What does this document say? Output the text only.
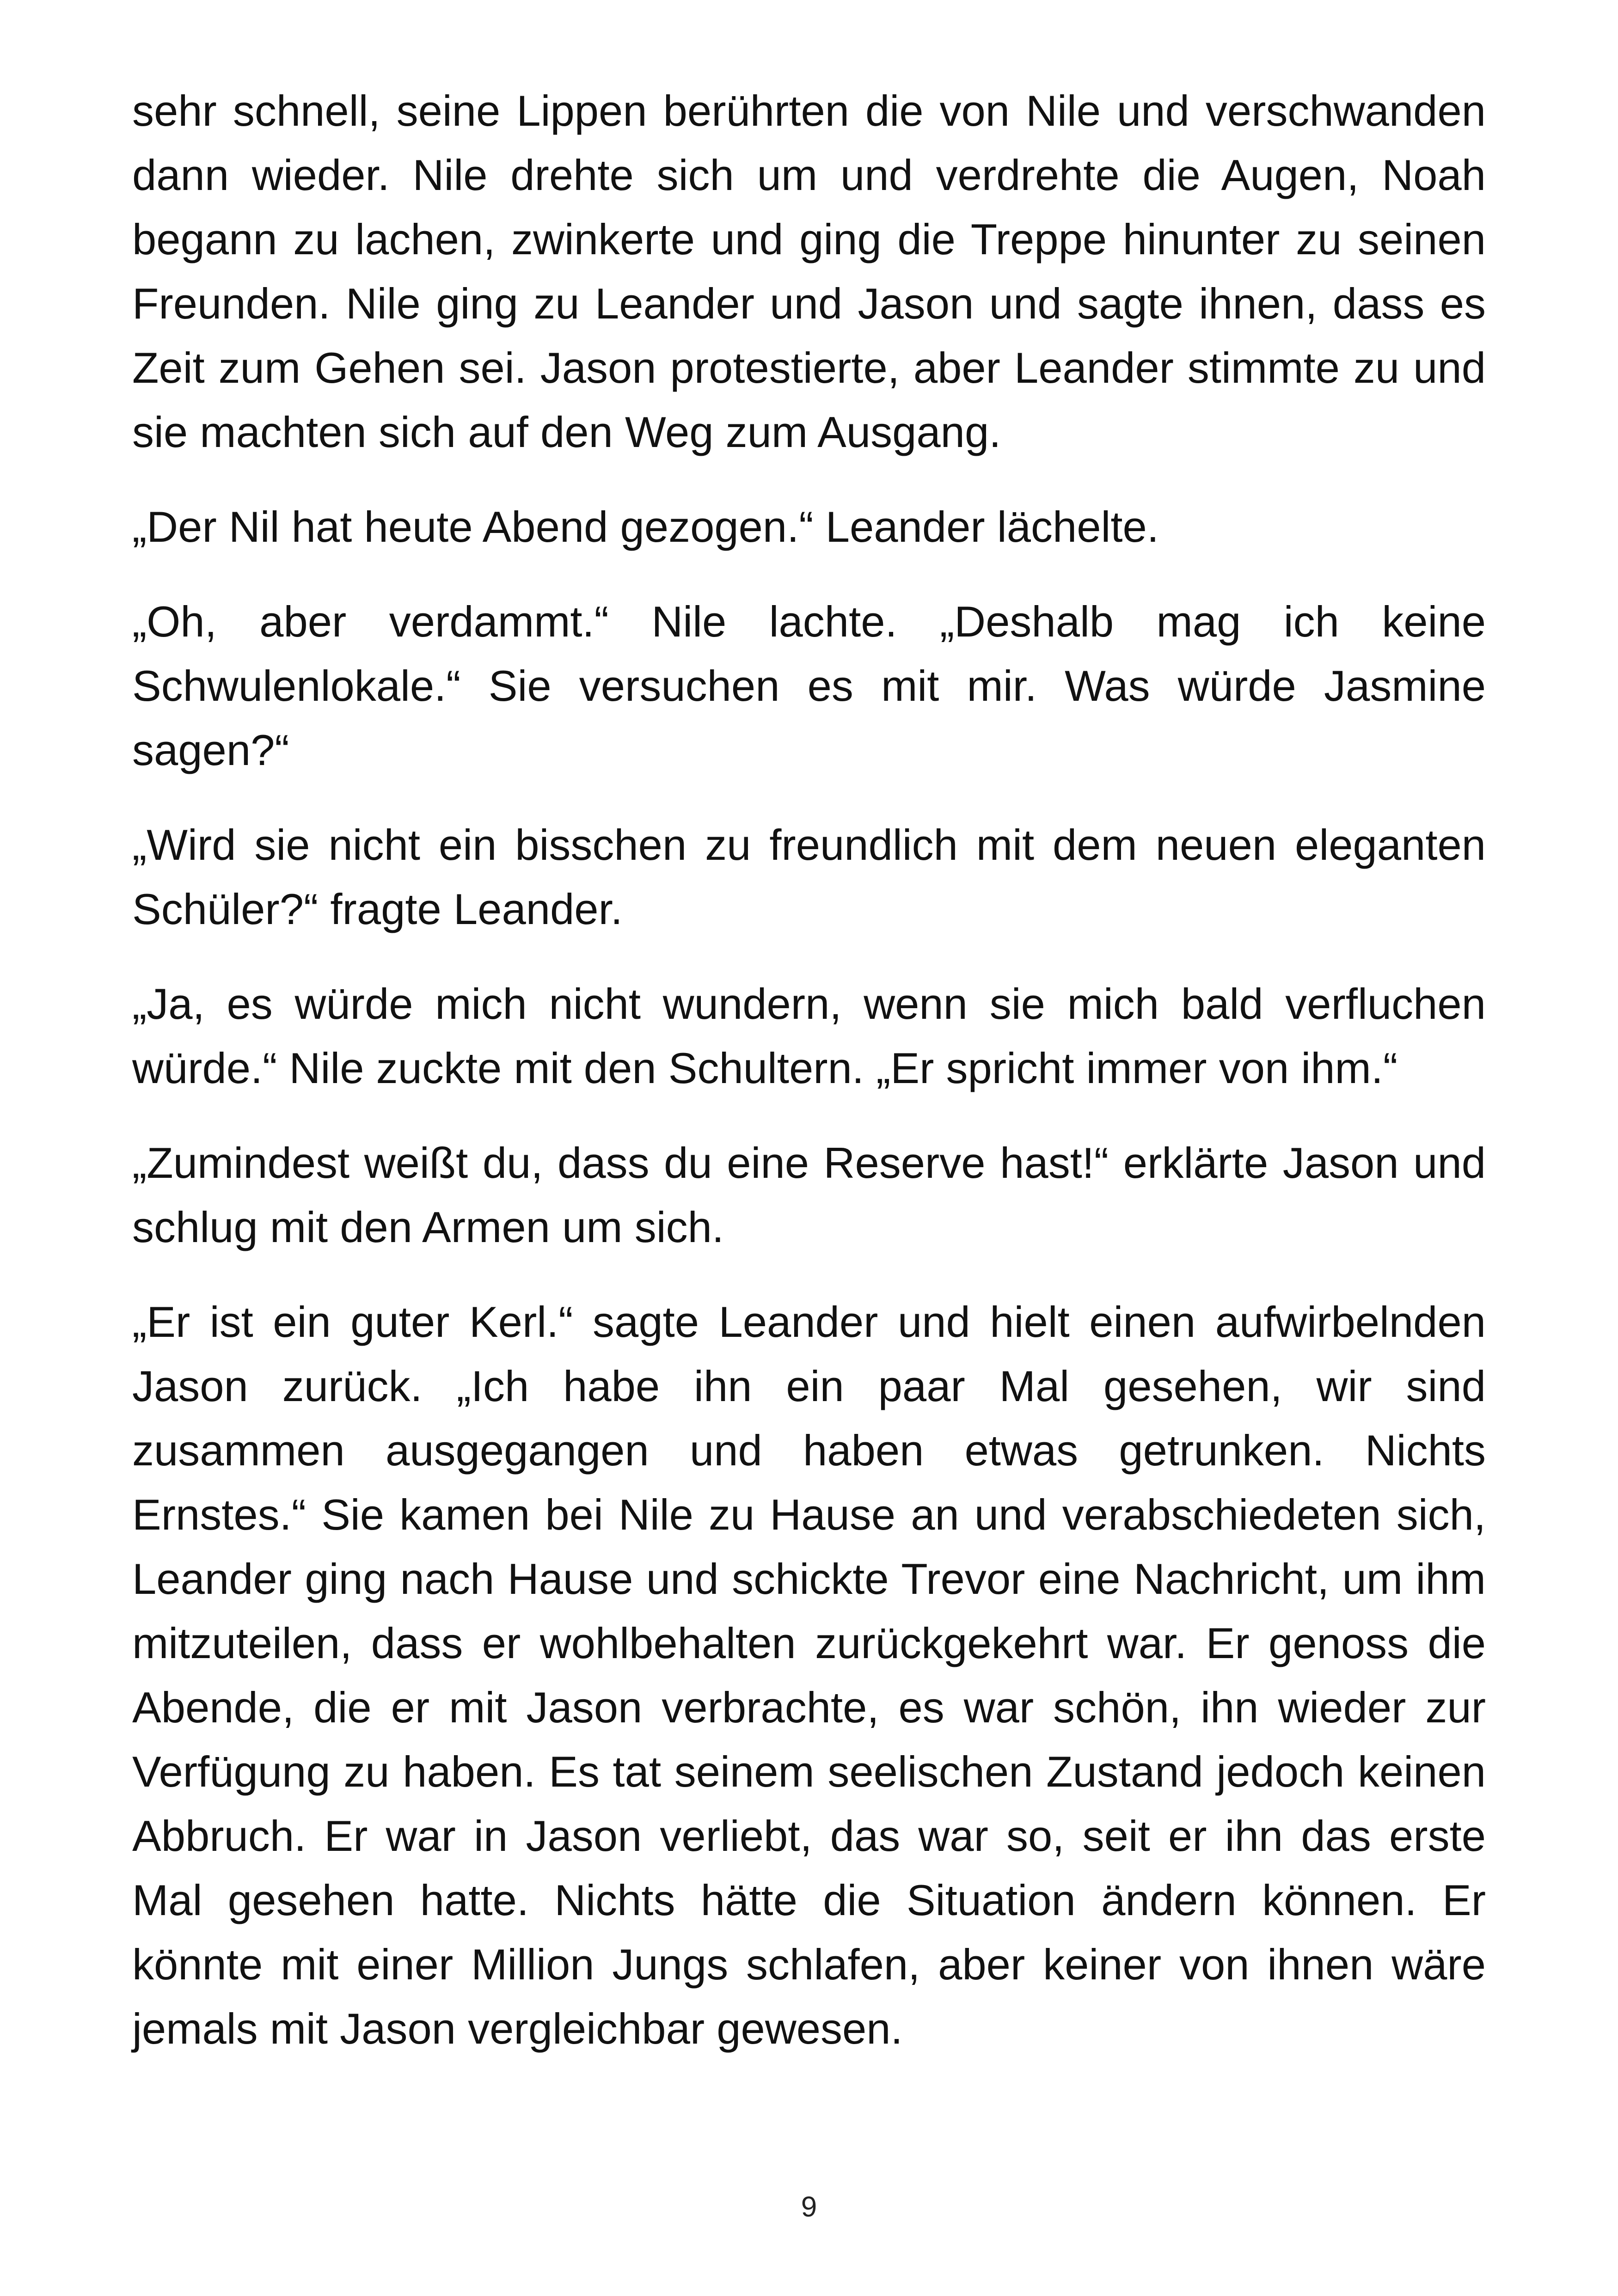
sehr schnell, seine Lippen berührten die von Nile und verschwanden dann wieder. Nile drehte sich um und verdrehte die Augen, Noah begann zu lachen, zwinkerte und ging die Treppe hinunter zu seinen Freunden. Nile ging zu Leander und Jason und sagte ihnen, dass es Zeit zum Gehen sei. Jason protestierte, aber Leander stimmte zu und sie machten sich auf den Weg zum Ausgang.

„Der Nil hat heute Abend gezogen.“ Leander lächelte.

„Oh, aber verdammt.“ Nile lachte. „Deshalb mag ich keine Schwulenlokale.“ Sie versuchen es mit mir. Was würde Jasmine sagen?“

„Wird sie nicht ein bisschen zu freundlich mit dem neuen eleganten Schüler?“ fragte Leander.

„Ja, es würde mich nicht wundern, wenn sie mich bald verfluchen würde.“ Nile zuckte mit den Schultern. „Er spricht immer von ihm.“

„Zumindest weißt du, dass du eine Reserve hast!“ erklärte Jason und schlug mit den Armen um sich.

„Er ist ein guter Kerl.“ sagte Leander und hielt einen aufwirbelnden Jason zurück. „Ich habe ihn ein paar Mal gesehen, wir sind zusammen ausgegangen und haben etwas getrunken. Nichts Ernstes.“ Sie kamen bei Nile zu Hause an und verabschiedeten sich, Leander ging nach Hause und schickte Trevor eine Nachricht, um ihm mitzuteilen, dass er wohlbehalten zurückgekehrt war. Er genoss die Abende, die er mit Jason verbrachte, es war schön, ihn wieder zur Verfügung zu haben. Es tat seinem seelischen Zustand jedoch keinen Abbruch. Er war in Jason verliebt, das war so, seit er ihn das erste Mal gesehen hatte. Nichts hätte die Situation ändern können. Er könnte mit einer Million Jungs schlafen, aber keiner von ihnen wäre jemals mit Jason vergleichbar gewesen.

9
